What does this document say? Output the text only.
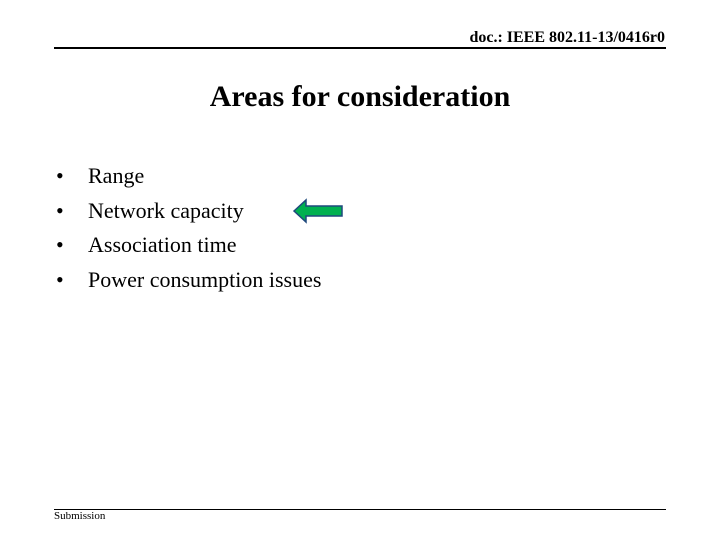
doc.: IEEE 802.11-13/0416r0
Areas for consideration
•	Range
•	Network capacity
•	Association time
•	Power consumption issues
Submission
